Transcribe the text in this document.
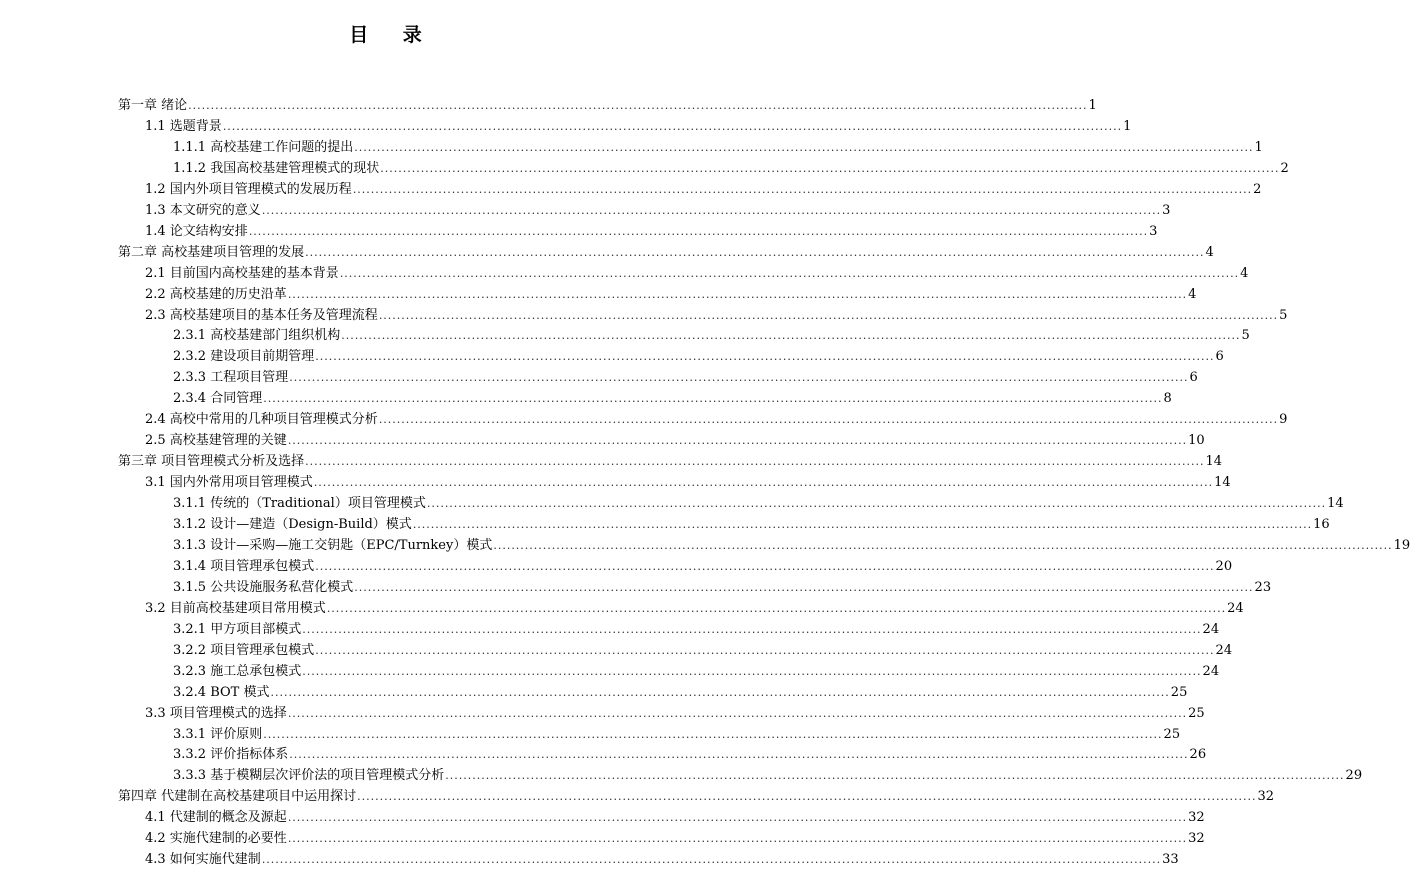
目 录
第一章 绪论 ........................................................................................................................................................................................................ 1
1.1 选题背景 ........................................................................................................................................................................................................ 1
1.1.1 高校基建工作问题的提出 ........................................................................................................................................................................................................ 1
1.1.2 我国高校基建管理模式的现状 ........................................................................................................................................................................................................ 2
1.2 国内外项目管理模式的发展历程 ........................................................................................................................................................................................................ 2
1.3 本文研究的意义 ........................................................................................................................................................................................................ 3
1.4 论文结构安排 ........................................................................................................................................................................................................ 3
第二章 高校基建项目管理的发展 ........................................................................................................................................................................................................ 4
2.1 目前国内高校基建的基本背景 ........................................................................................................................................................................................................ 4
2.2 高校基建的历史沿革 ........................................................................................................................................................................................................ 4
2.3 高校基建项目的基本任务及管理流程 ........................................................................................................................................................................................................ 5
2.3.1 高校基建部门组织机构 ........................................................................................................................................................................................................ 5
2.3.2 建设项目前期管理 ........................................................................................................................................................................................................ 6
2.3.3 工程项目管理 ........................................................................................................................................................................................................ 6
2.3.4 合同管理 ........................................................................................................................................................................................................ 8
2.4 高校中常用的几种项目管理模式分析 ........................................................................................................................................................................................................ 9
2.5 高校基建管理的关键 ........................................................................................................................................................................................................ 10
第三章 项目管理模式分析及选择 ........................................................................................................................................................................................................ 14
3.1 国内外常用项目管理模式 ........................................................................................................................................................................................................ 14
3.1.1 传统的（Traditional）项目管理模式 ........................................................................................................................................................................................................ 14
3.1.2 设计—建造（Design-Build）模式 ........................................................................................................................................................................................................ 16
3.1.3 设计—采购—施工交钥匙（EPC/Turnkey）模式 ........................................................................................................................................................................................................ 19
3.1.4 项目管理承包模式 ........................................................................................................................................................................................................ 20
3.1.5 公共设施服务私营化模式 ........................................................................................................................................................................................................ 23
3.2 目前高校基建项目常用模式 ........................................................................................................................................................................................................ 24
3.2.1 甲方项目部模式 ........................................................................................................................................................................................................ 24
3.2.2 项目管理承包模式 ........................................................................................................................................................................................................ 24
3.2.3 施工总承包模式 ........................................................................................................................................................................................................ 24
3.2.4 BOT 模式 ........................................................................................................................................................................................................ 25
3.3 项目管理模式的选择 ........................................................................................................................................................................................................ 25
3.3.1 评价原则 ........................................................................................................................................................................................................ 25
3.3.2 评价指标体系 ........................................................................................................................................................................................................ 26
3.3.3 基于模糊层次评价法的项目管理模式分析 ........................................................................................................................................................................................................ 29
第四章 代建制在高校基建项目中运用探讨 ........................................................................................................................................................................................................ 32
4.1 代建制的概念及源起 ........................................................................................................................................................................................................ 32
4.2 实施代建制的必要性 ........................................................................................................................................................................................................ 32
4.3 如何实施代建制 ........................................................................................................................................................................................................ 33
